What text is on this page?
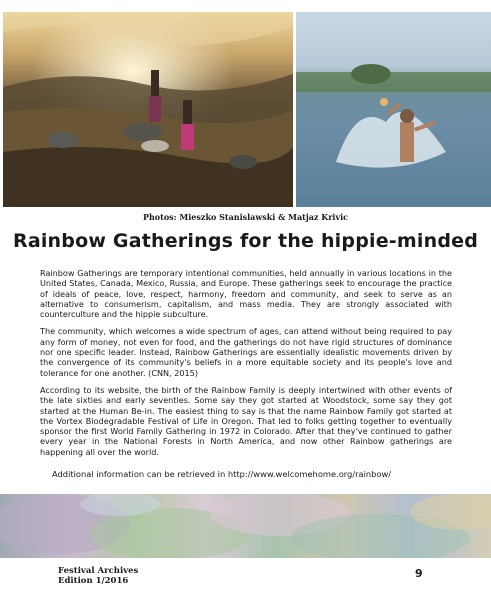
Photos: Mieszko Stanislawski & Matjaz Krivic
Rainbow Gatherings for the hippie-minded

Rainbow Gatherings are temporary intentional communities, held annually in various locations in the United States, Canada, Mexico, Russia, and Europe. These gatherings seek to encourage the practice of ideals of peace, love, respect, harmony, freedom and community, and seek to serve as an alternative to consumerism, capitalism, and mass media. They are strongly associated with counterculture and the hippie subculture.

The community, which welcomes a wide spectrum of ages, can attend without being required to pay any form of money, not even for food, and the gatherings do not have rigid structures of dominance nor one specific leader. Instead, Rainbow Gatherings are essentially idealistic movements driven by the convergence of its community's beliefs in a more equitable society and its people's love and tolerance for one another. (CNN, 2015)

According to its website, the birth of the Rainbow Family is deeply intertwined with other events of the late sixties and early seventies. Some say they got started at Woodstock, some say they got started at the Human Be-in. The easiest thing to say is that the name Rainbow Family got started at the Vortex Biodegradable Festival of Life in Oregon. That led to folks getting together to eventually sponsor the first World Family Gathering in 1972 in Colorado. After that they've continued to gather every year in the National Forests in North America, and now other Rainbow gatherings are happening all over the world.

Additional information can be retrieved in http://www.welcomehome.org/rainbow/
Festival Archives
Edition 1/2016
9
